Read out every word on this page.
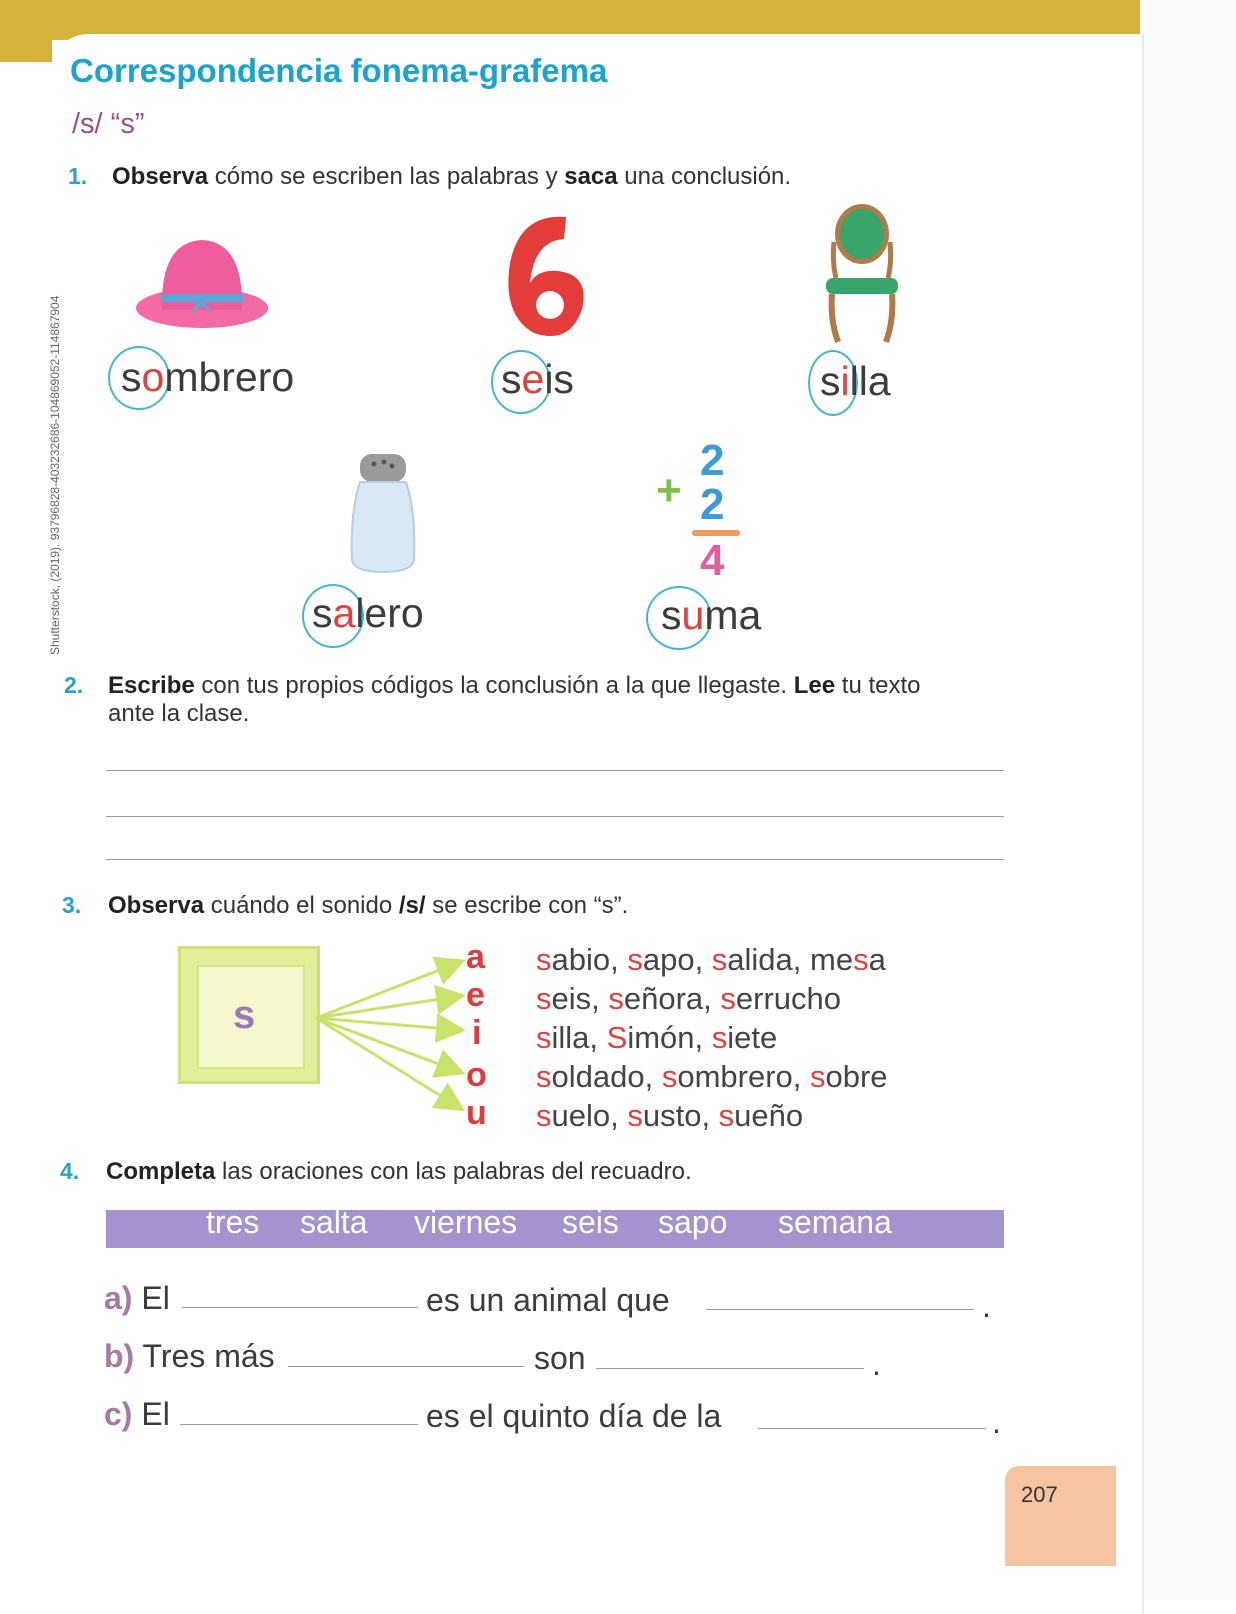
Correspondencia fonema-grafema
/s/ “s”
Shutterstock, (2019). 93796828-403232686-104869052-114867904
1. Observa cómo se escriben las palabras y saca una conclusión.
+
2
2
4
sombrero	seis	silla
salero	suma
2. Escribe con tus propios códigos la conclusión a la que llegaste. Lee tu texto
ante la clase.
3. Observa cuándo el sonido /s/ se escribe con “s”.
s
a
e
i
o
u
sabio, sapo, salida, mesa
seis, señora, serrucho
silla, Simón, siete
soldado, sombrero, sobre
suelo, susto, sueño
4. Completa las oraciones con las palabras del recuadro.
tres salta viernes seis sapo semana
a) El	es un animal que	.
b) Tres más	son	.
c) El	es el quinto día de la	.
207
